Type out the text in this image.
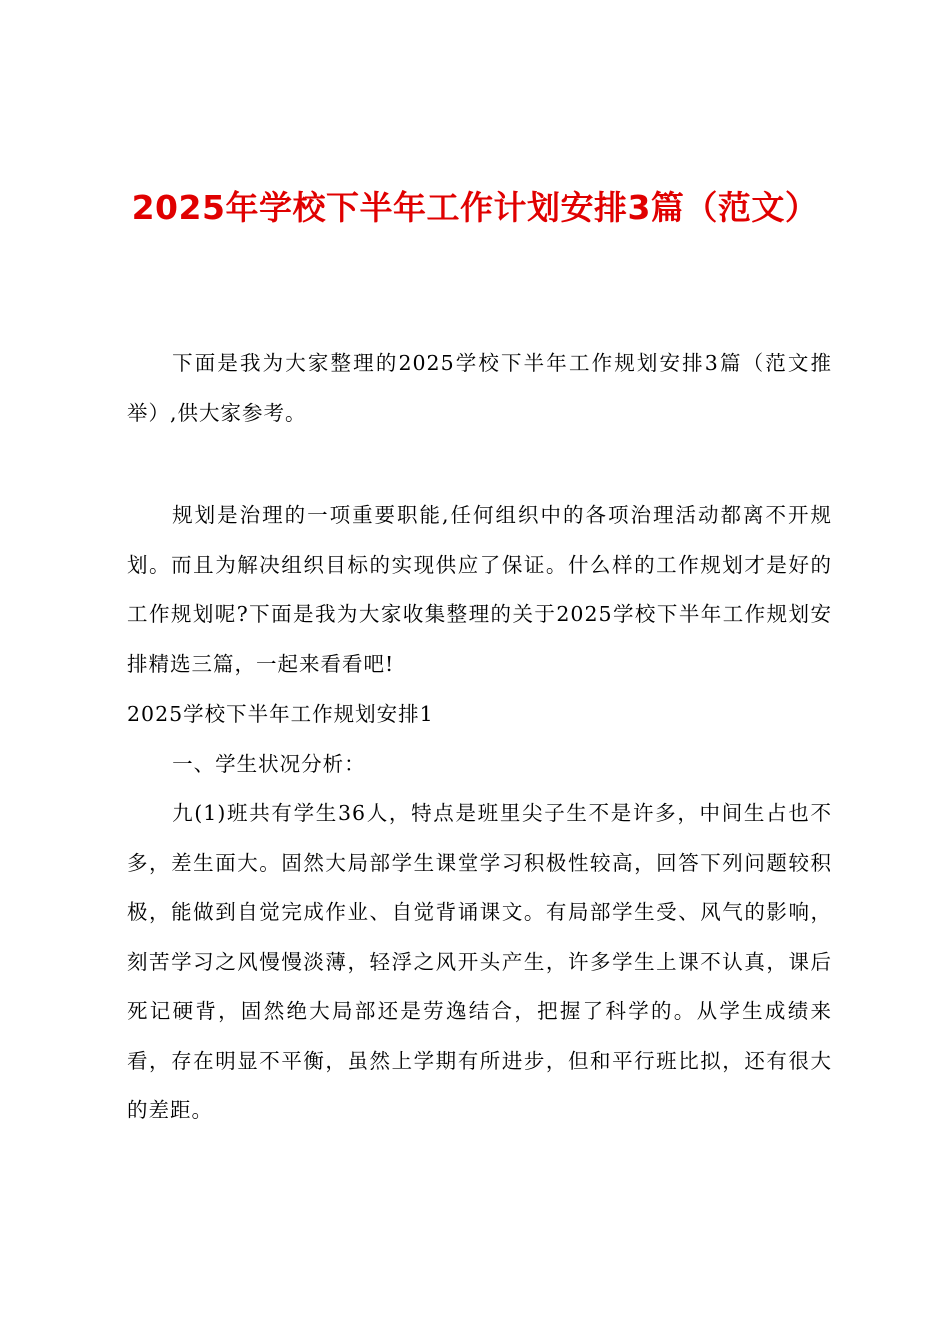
2025年学校下半年工作计划安排3篇（范文）
下面是我为大家整理的2025学校下半年工作规划安排3篇（范文推举）,供大家参考。
规划是治理的一项重要职能,任何组织中的各项治理活动都离不开规划。而且为解决组织目标的实现供应了保证。什么样的工作规划才是好的工作规划呢?下面是我为大家收集整理的关于2025学校下半年工作规划安排精选三篇，一起来看看吧!
2025学校下半年工作规划安排1
一、学生状况分析：
九(1)班共有学生36人，特点是班里尖子生不是许多，中间生占也不多，差生面大。固然大局部学生课堂学习积极性较高，回答下列问题较积极，能做到自觉完成作业、自觉背诵课文。有局部学生受、风气的影响，刻苦学习之风慢慢淡薄，轻浮之风开头产生，许多学生上课不认真，课后死记硬背，固然绝大局部还是劳逸结合，把握了科学的。从学生成绩来看，存在明显不平衡，虽然上学期有所进步，但和平行班比拟，还有很大的差距。
